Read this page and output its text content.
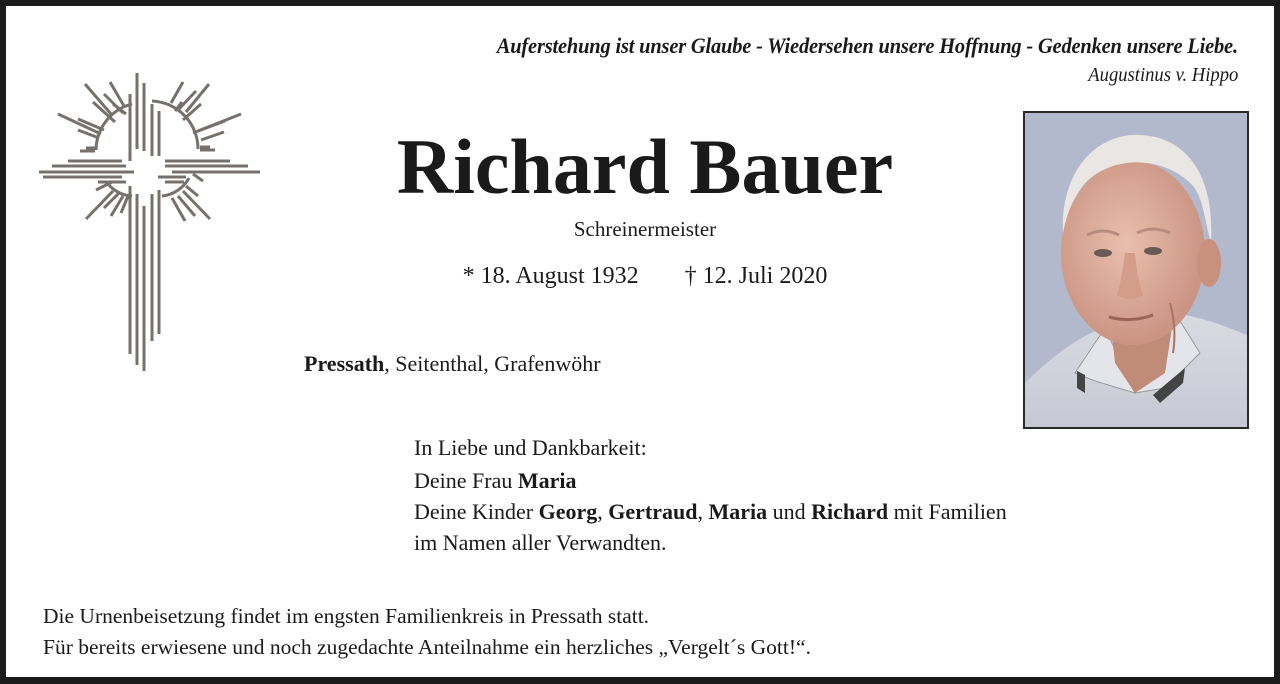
Auferstehung ist unser Glaube - Wiedersehen unsere Hoffnung - Gedenken unsere Liebe.
Augustinus v. Hippo
Richard Bauer
Schreinermeister
* 18. August 1932 † 12. Juli 2020
Pressath, Seitenthal, Grafenwöhr
In Liebe und Dankbarkeit:
Deine Frau Maria
Deine Kinder Georg, Gertraud, Maria und Richard mit Familien
im Namen aller Verwandten.
Die Urnenbeisetzung findet im engsten Familienkreis in Pressath statt.
Für bereits erwiesene und noch zugedachte Anteilnahme ein herzliches „Vergelt´s Gott!“.
